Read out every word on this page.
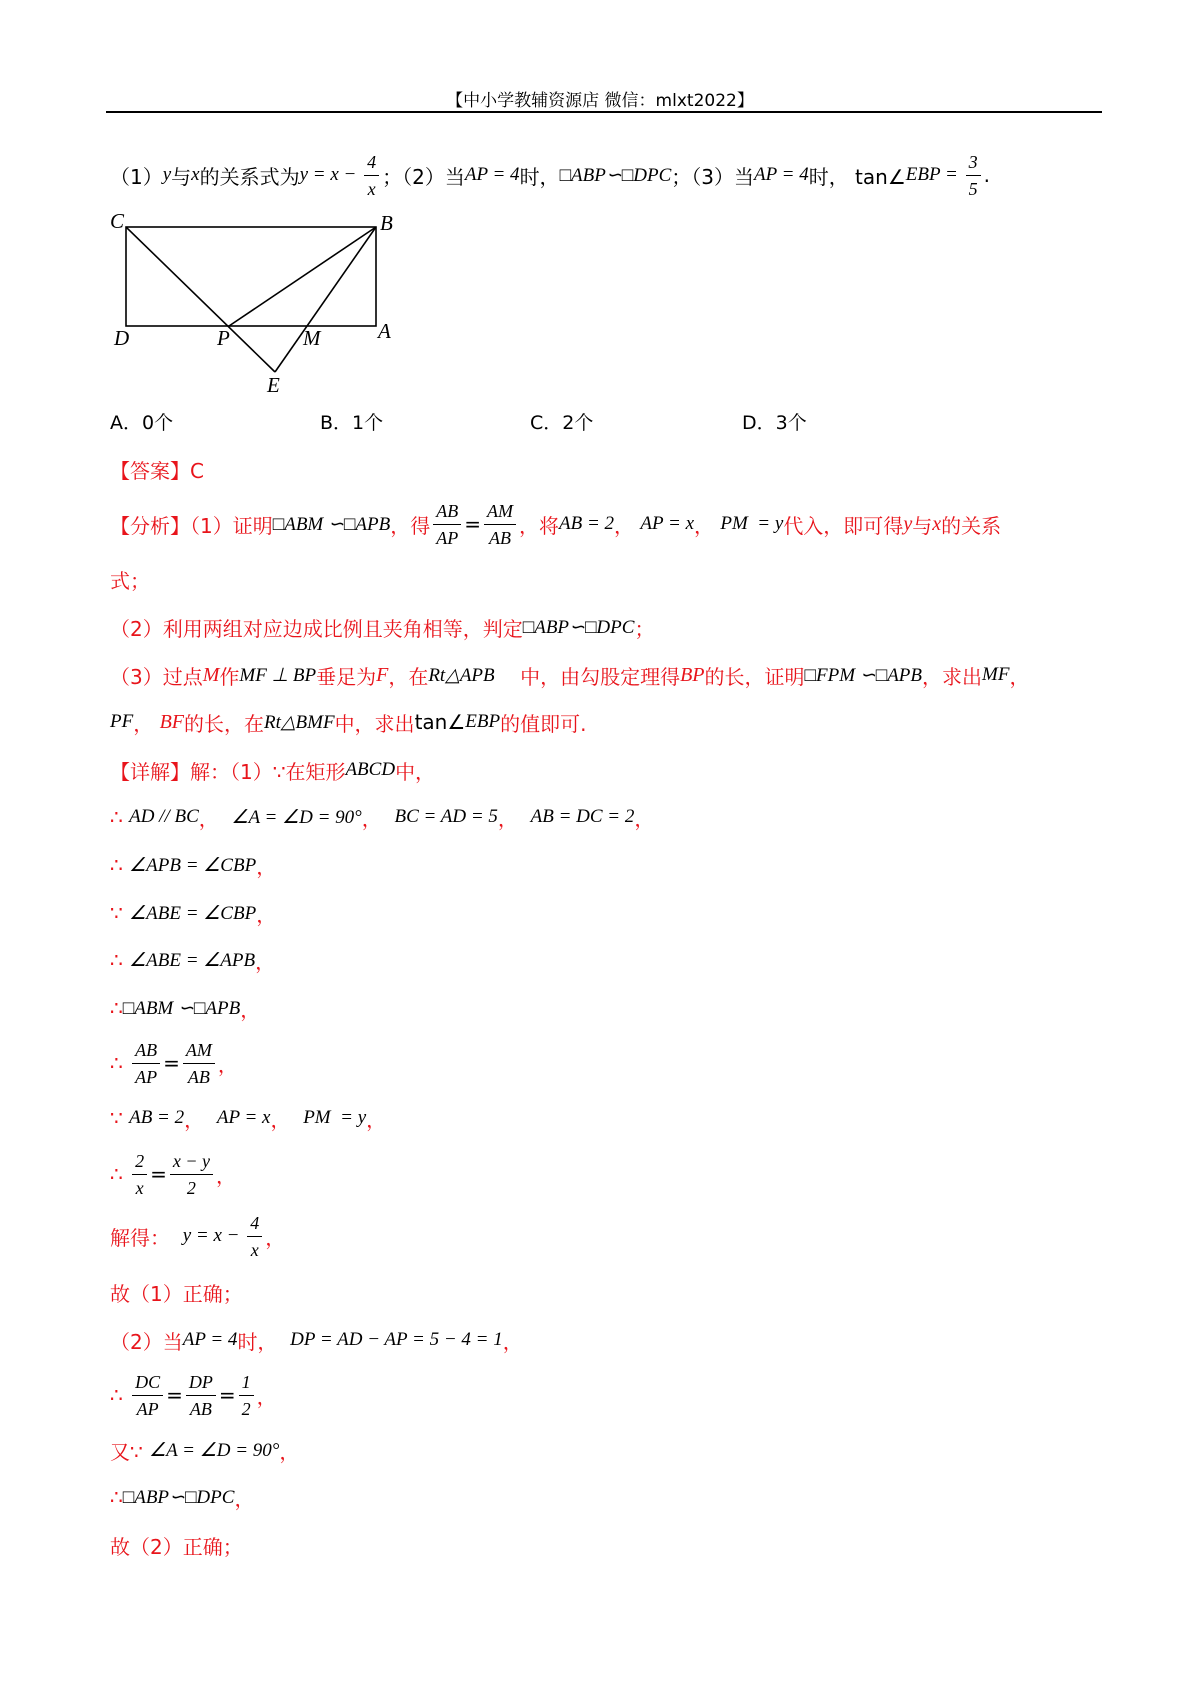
【中小学教辅资源店 微信：mlxt2022】
C	B
D	P	M	A
E
A．0个	B．1个	C．2个	D．3个
（1） y 与 x 的关系式为 $y = x - \frac{4}{x}$ ；（2）当 AP = 4 时， □ABP∽□DPC ；（3）当 AP = 4 时， tan∠ EBP = $\frac{3}{5}$ .
【答案】C
【分析】（1）证明 □ABM ∽□APB ，得 $\frac{AB}{AP} = \frac{AM}{AB}$ ，将 AB = 2 ， AP = x ， PM  = y 代入，即可得 y 与 x 的关系
式；
（2）利用两组对应边成比例且夹角相等，判定 □ABP∽□DPC ；
（3）过点 M 作 MF ⊥ BP 垂足为 F ，在 Rt△APB 中，由勾股定理得 BP 的长，证明 □FPM ∽□APB ，求出 MF ，
PF ， BF 的长，在 Rt△BMF 中，求出 tan∠ EBP 的值即可.
【详解】解：（1）∵在矩形 ABCD 中，
∴ AD // BC ， ∠A = ∠D = 90° ， BC = AD = 5 ， AB = DC = 2 ，
∴ ∠APB = ∠CBP ，
∵ ∠ABE = ∠CBP ，
∴ ∠ABE = ∠APB ，
∴ □ABM ∽□APB ，
∴ $\frac{AB}{AP} = \frac{AM}{AB}$ ，
∵ AB = 2 ， AP = x ， PM  = y ，
∴ $\frac{2}{x} = \frac{x - y}{2}$ ，
解得： $y = x - \frac{4}{x}$ ，
故（1）正确；
（2）当 AP = 4 时， DP = AD − AP = 5 − 4 = 1 ，
∴ $\frac{DC}{AP} = \frac{DP}{AB} = \frac{1}{2}$ ，
又∵ ∠A = ∠D = 90° ，
∴ □ABP∽□DPC ，
故（2）正确；
